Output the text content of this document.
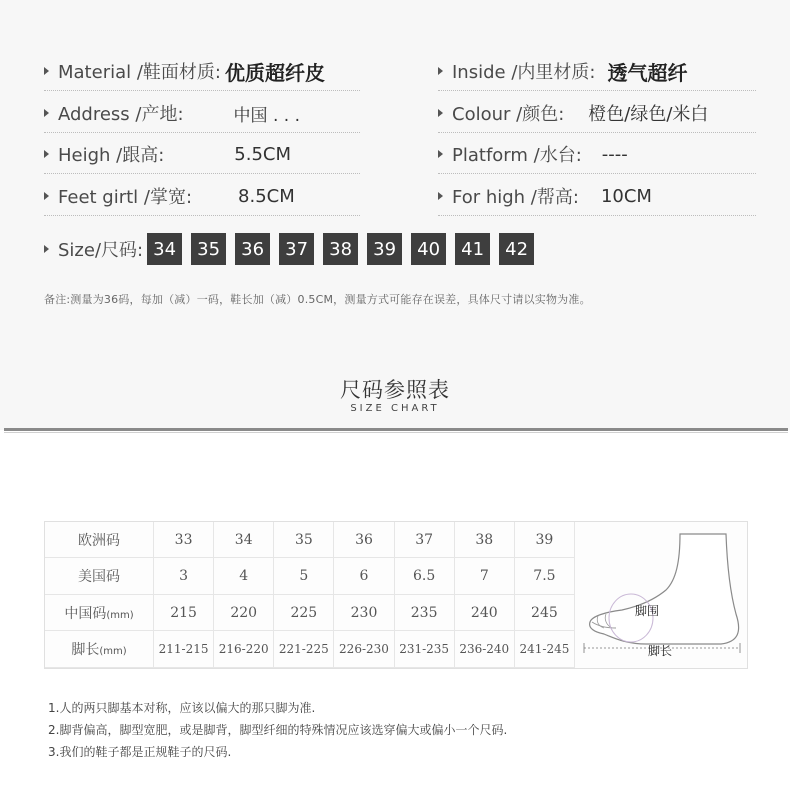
Material /鞋面材质: 优质超纤皮
Address /产地:	中国 . . .
Heigh /跟高:	5.5CM
Feet girtl /掌宽:	8.5CM
Inside /内里材质: 透气超纤
Colour /颜色: 橙色/绿色/米白
Platform /水台: ----
For high /帮高: 10CM
Size/尺码: 34	35	36	37	38	39	40	41	42
备注:测量为36码，每加（减）一码，鞋长加（减）0.5CM，测量方式可能存在误差，具体尺寸请以实物为准。
尺码参照表
SIZE CHART
欧洲码	33	34	35	36	37	38	39
美国码	3	4	5	6	6.5	7	7.5
中国码(mm)	215	220	225	230	235	240	245
脚长(mm)	211-215	216-220	221-225	226-230	231-235	236-240	241-245
脚围
脚长
1.人的两只脚基本对称，应该以偏大的那只脚为准.
2.脚背偏高，脚型宽肥，或是脚背，脚型纤细的特殊情况应该选穿偏大或偏小一个尺码.
3.我们的鞋子都是正规鞋子的尺码.
